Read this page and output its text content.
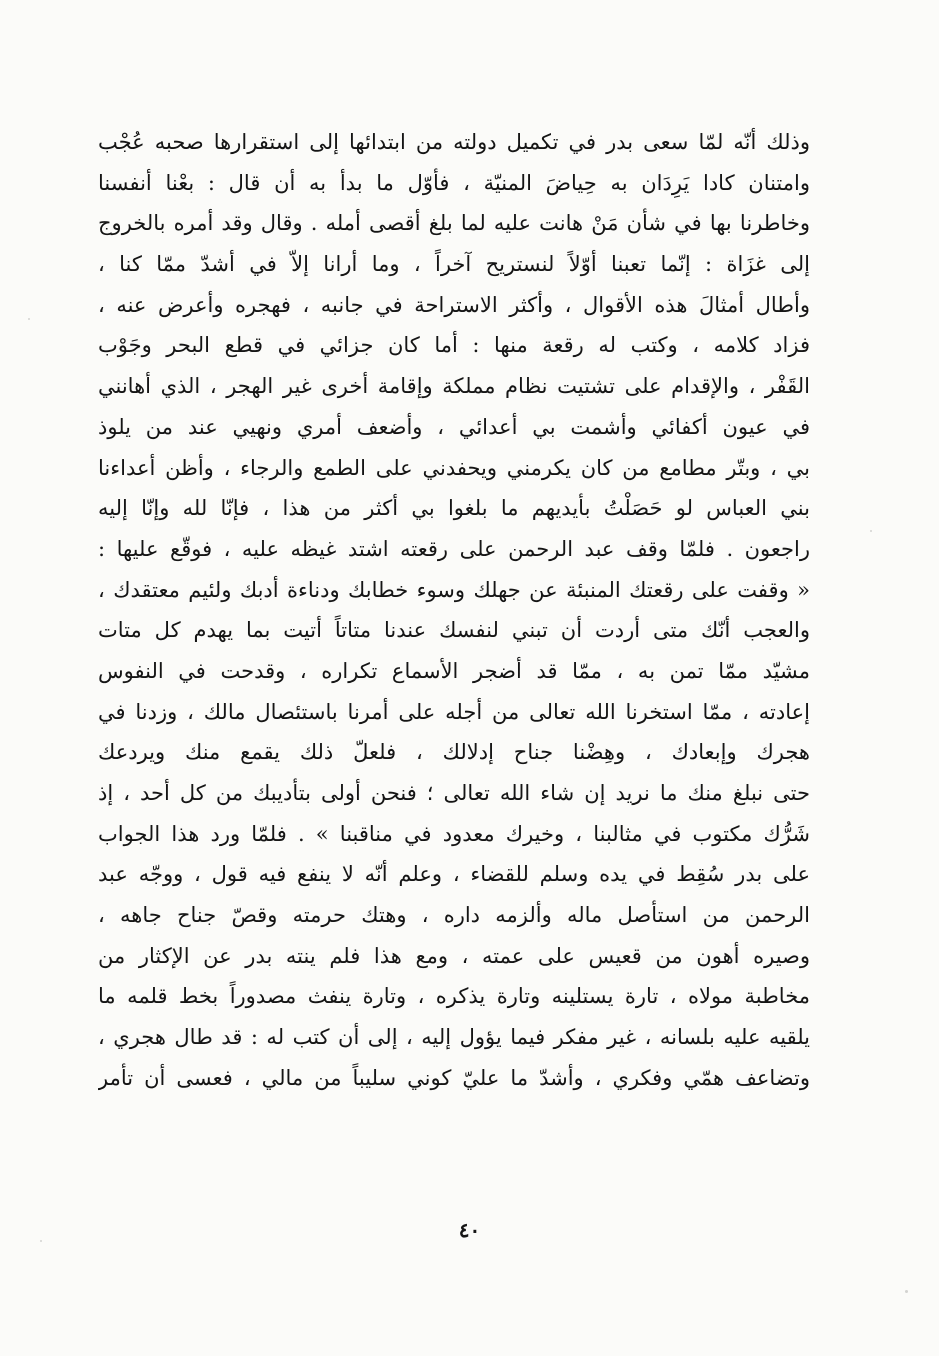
وذلك أنّه لمّا سعى بدر في تكميل دولته من ابتدائها إلى استقرارها صحبه عُجْب
وامتنان كادا يَرِدَان به حِياضَ المنيّة ، فأوّل ما بدأ به أن قال : بعْنا أنفسنا
وخاطرنا بها في شأن مَنْ هانت عليه لما بلغ أقصى أمله . وقال وقد أمره بالخروج
إلى غزَاة : إنّما تعبنا أوّلاً لنستريح آخراً ، وما أرانا إلاّ في أشدّ ممّا كنا ،
وأطال أمثالَ هذه الأقوال ، وأكثر الاستراحة في جانبه ، فهجره وأعرض عنه ،
فزاد كلامه ، وكتب له رقعة منها : أما كان جزائي في قطع البحر وجَوْب
القَفْر ، والإقدام على تشتيت نظام مملكة وإقامة أخرى غير الهجر ، الذي أهانني
في عيون أكفائي وأشمت بي أعدائي ، وأضعف أمري ونهيي عند من يلوذ
بي ، وبتّر مطامع من كان يكرمني ويحفدني على الطمع والرجاء ، وأظن أعداءنا
بني العباس لو حَصَلْتُ بأيديهم ما بلغوا بي أكثر من هذا ، فإنّا لله وإنّا إليه
راجعون . فلمّا وقف عبد الرحمن على رقعته اشتد غيظه عليه ، فوقّع عليها :
« وقفت على رقعتك المنبئة عن جهلك وسوء خطابك ودناءة أدبك ولئيم معتقدك ،
والعجب أنّك متى أردت أن تبني لنفسك عندنا متاتاً أتيت بما يهدم كل متات
مشيّد ممّا تمن به ، ممّا قد أضجر الأسماع تكراره ، وقدحت في النفوس
إعادته ، ممّا استخرنا الله تعالى من أجله على أمرنا باستئصال مالك ، وزدنا في
هجرك وإبعادك ، وهِضْنا جناح إدلالك ، فلعلّ ذلك يقمع منك ويردعك
حتى نبلغ منك ما نريد إن شاء الله تعالى ؛ فنحن أولى بتأديبك من كل أحد ، إذ
شَرُّك مكتوب في مثالبنا ، وخيرك معدود في مناقبنا » . فلمّا ورد هذا الجواب
على بدر سُقِط في يده وسلم للقضاء ، وعلم أنّه لا ينفع فيه قول ، ووجّه عبد
الرحمن من استأصل ماله وألزمه داره ، وهتك حرمته وقصّ جناح جاهه ،
وصيره أهون من قعيس على عمته ، ومع هذا فلم ينته بدر عن الإكثار من
مخاطبة مولاه ، تارة يستلينه وتارة يذكره ، وتارة ينفث مصدوراً بخط قلمه ما
يلقيه عليه بلسانه ، غير مفكر فيما يؤول إليه ، إلى أن كتب له : قد طال هجري ،
وتضاعف همّي وفكري ، وأشدّ ما عليّ كوني سليباً من مالي ، فعسى أن تأمر
٤٠
